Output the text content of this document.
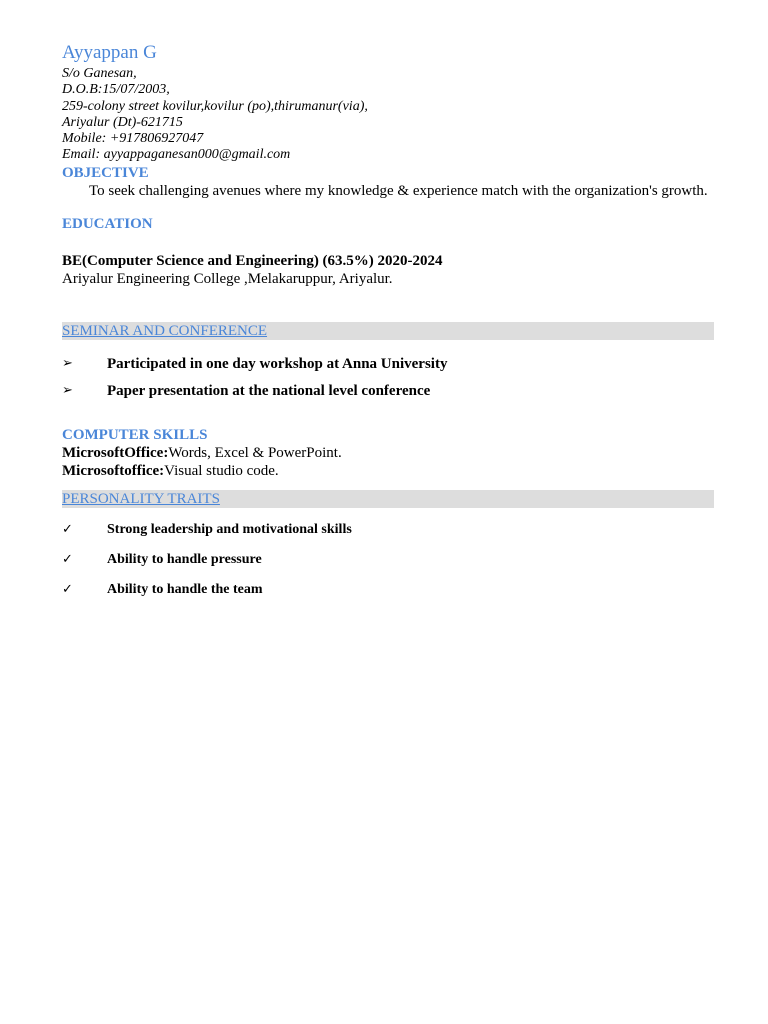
Ayyappan G
S/o Ganesan,
D.O.B:15/07/2003,
259-colony street kovilur,kovilur (po),thirumanur(via),
Ariyalur (Dt)-621715
Mobile: +917806927047
Email: ayyappaganesan000@gmail.com
OBJECTIVE
To seek challenging avenues where my knowledge & experience match with the organization's growth.
EDUCATION
BE(Computer Science and Engineering) (63.5%) 2020-2024
Ariyalur Engineering College ,Melakaruppur, Ariyalur.
SEMINAR AND CONFERENCE
➢	Participated in one day workshop at Anna University
➢	Paper presentation at the national level conference
COMPUTER SKILLS
MicrosoftOffice:Words, Excel & PowerPoint.
Microsoftoffice:Visual studio code.
PERSONALITY TRAITS
✓	Strong leadership and motivational skills
✓	Ability to handle pressure
✓	Ability to handle the team
